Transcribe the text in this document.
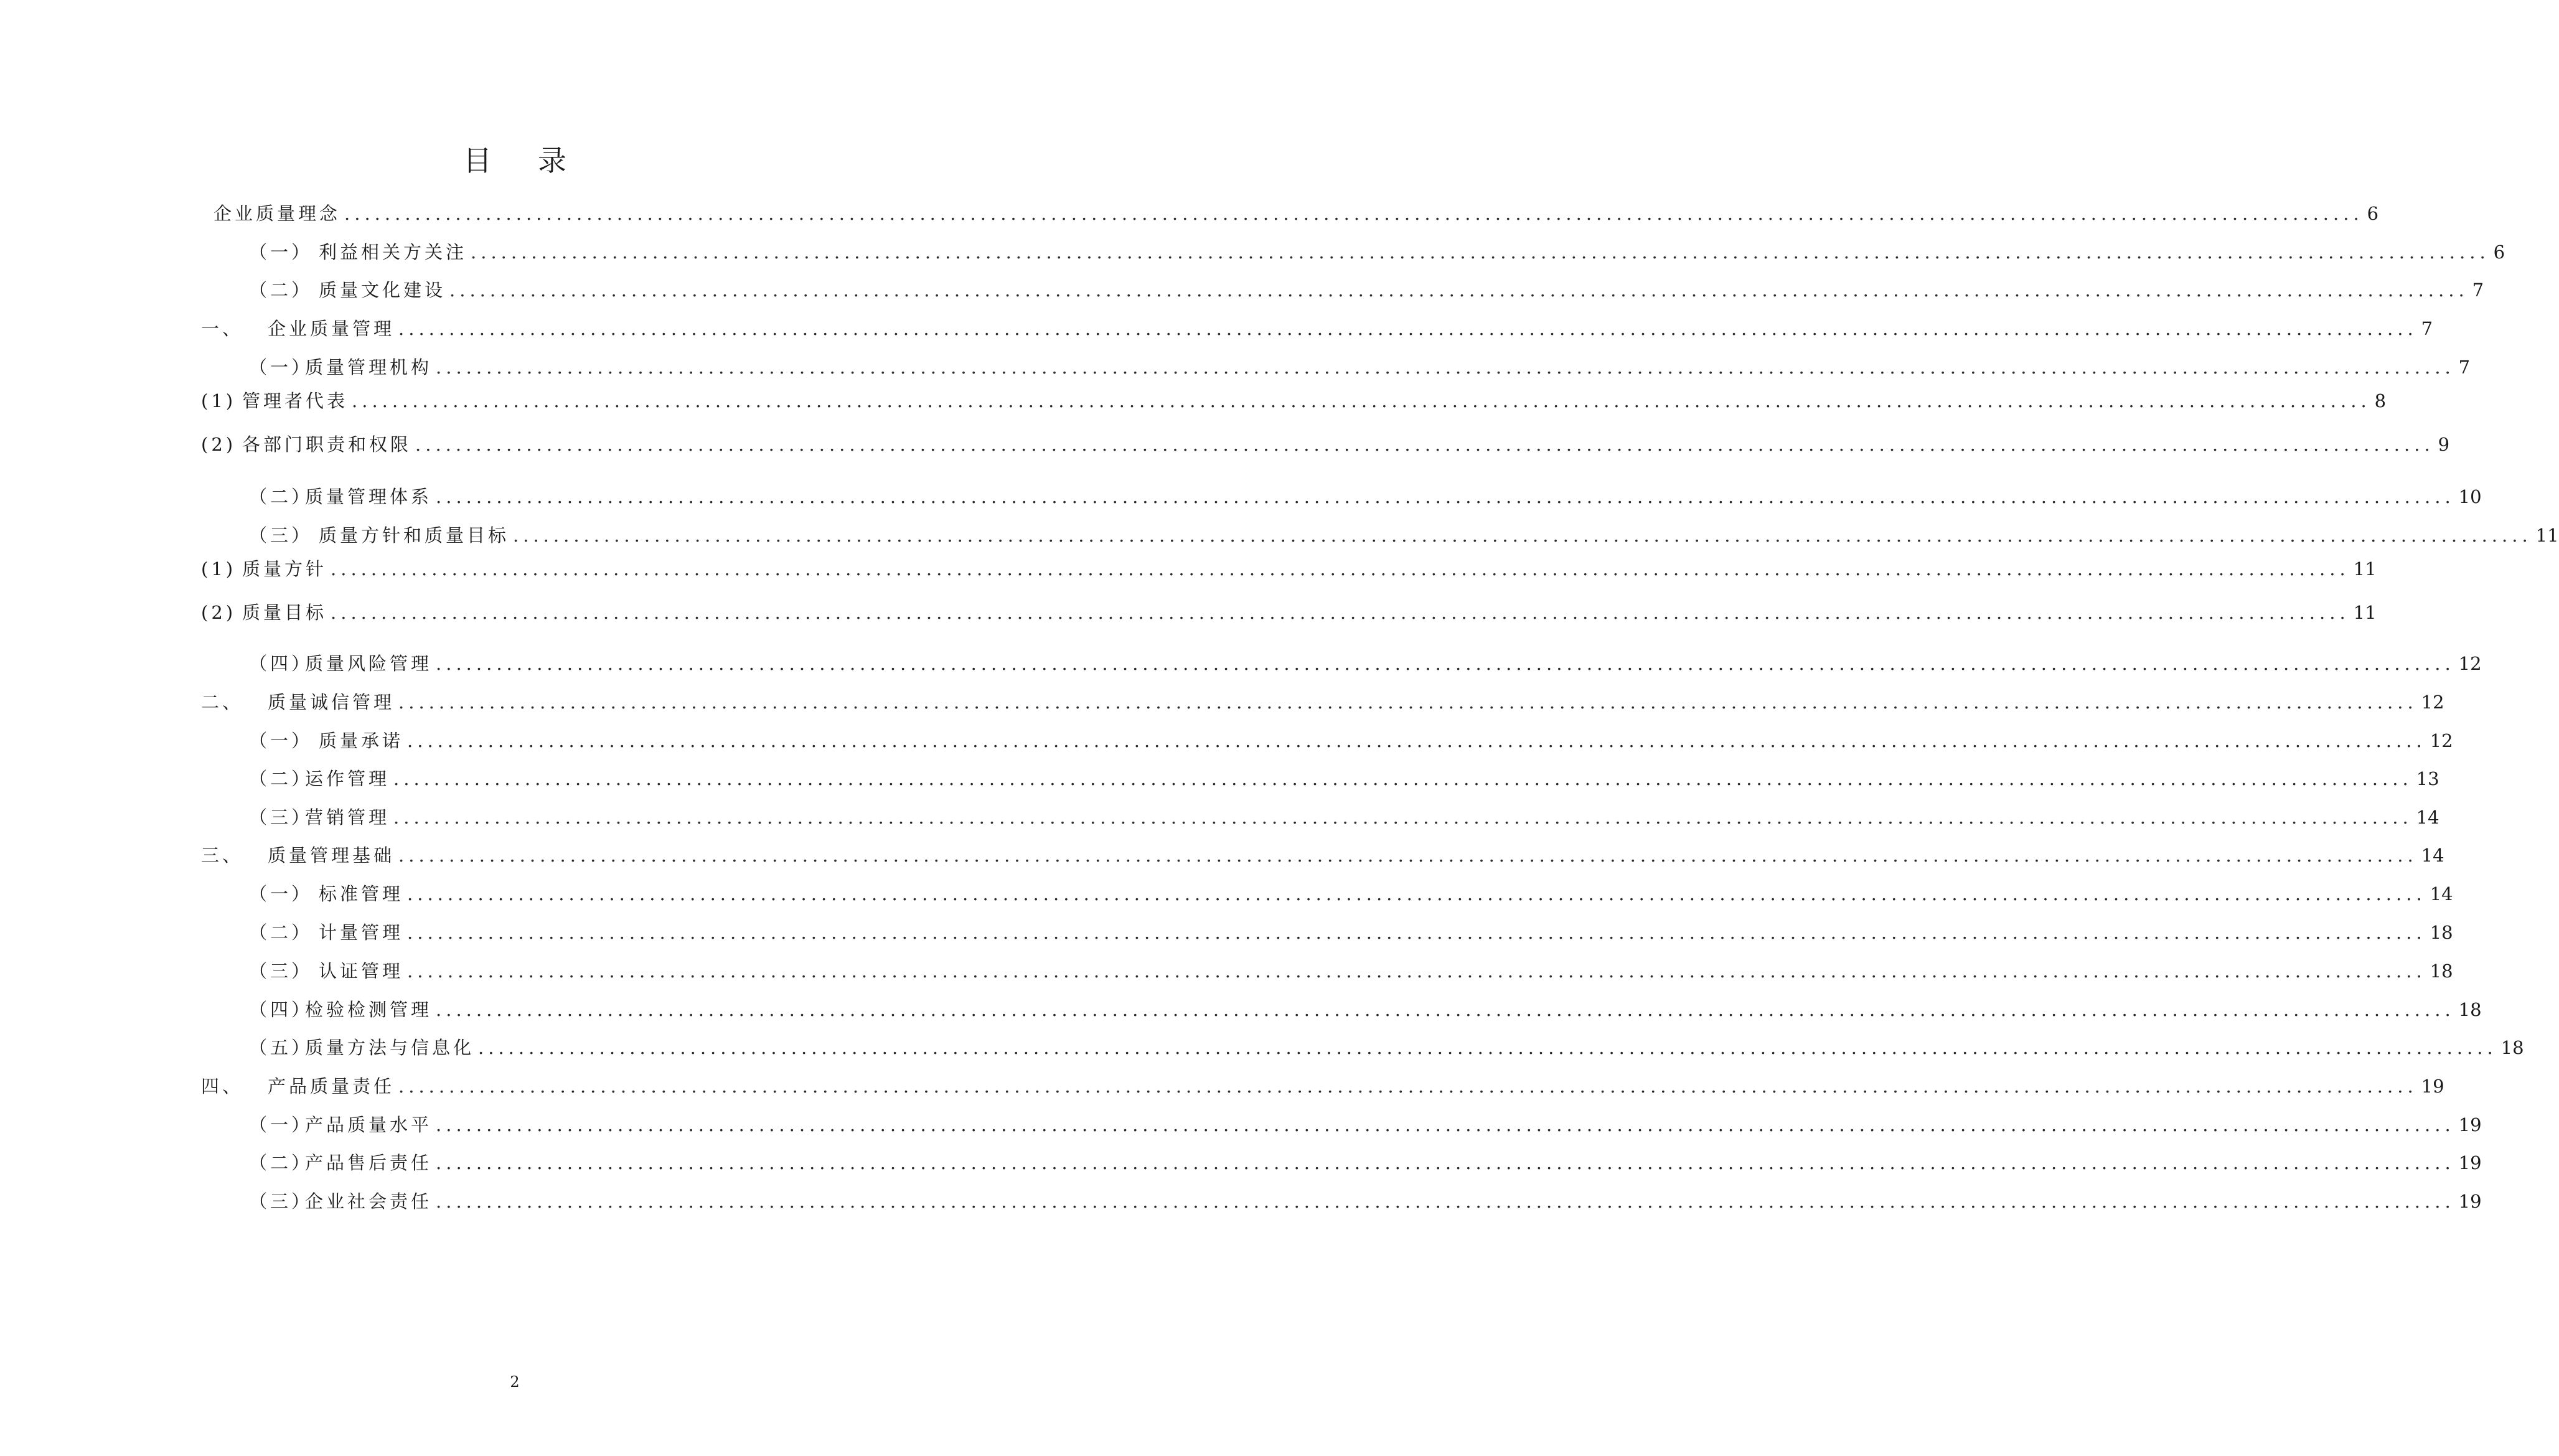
目 录
企业质量理念 ........................................................................................................................................................................................................ 6
（一） 利益相关方关注 ........................................................................................................................................................................................................ 6
（二） 质量文化建设 ........................................................................................................................................................................................................ 7
一、 企业质量管理 ........................................................................................................................................................................................................ 7
（一）
质量管理机构 ........................................................................................................................................................................................................ 7
(1) 管理者代表 ........................................................................................................................................................................................................ 8
(2) 各部门职责和权限 ........................................................................................................................................................................................................ 9
（二）
质量管理体系 ........................................................................................................................................................................................................ 10
（三） 质量方针和质量目标 ........................................................................................................................................................................................................ 11
(1) 质量方针 ........................................................................................................................................................................................................ 11
(2) 质量目标 ........................................................................................................................................................................................................ 11
（四）
质量风险管理 ........................................................................................................................................................................................................ 12
二、 质量诚信管理 ........................................................................................................................................................................................................ 12
（一） 质量承诺 ........................................................................................................................................................................................................ 12
（二）
运作管理 ........................................................................................................................................................................................................ 13
（三）
营销管理 ........................................................................................................................................................................................................ 14
三、 质量管理基础 ........................................................................................................................................................................................................ 14
（一） 标准管理 ........................................................................................................................................................................................................ 14
（二） 计量管理 ........................................................................................................................................................................................................ 18
（三） 认证管理 ........................................................................................................................................................................................................ 18
（四）
检验检测管理 ........................................................................................................................................................................................................ 18
（五）
质量方法与信息化 ........................................................................................................................................................................................................ 18
四、 产品质量责任 ........................................................................................................................................................................................................ 19
（一）
产品质量水平 ........................................................................................................................................................................................................ 19
（二）
产品售后责任 ........................................................................................................................................................................................................ 19
（三）
企业社会责任 ........................................................................................................................................................................................................ 19
2
